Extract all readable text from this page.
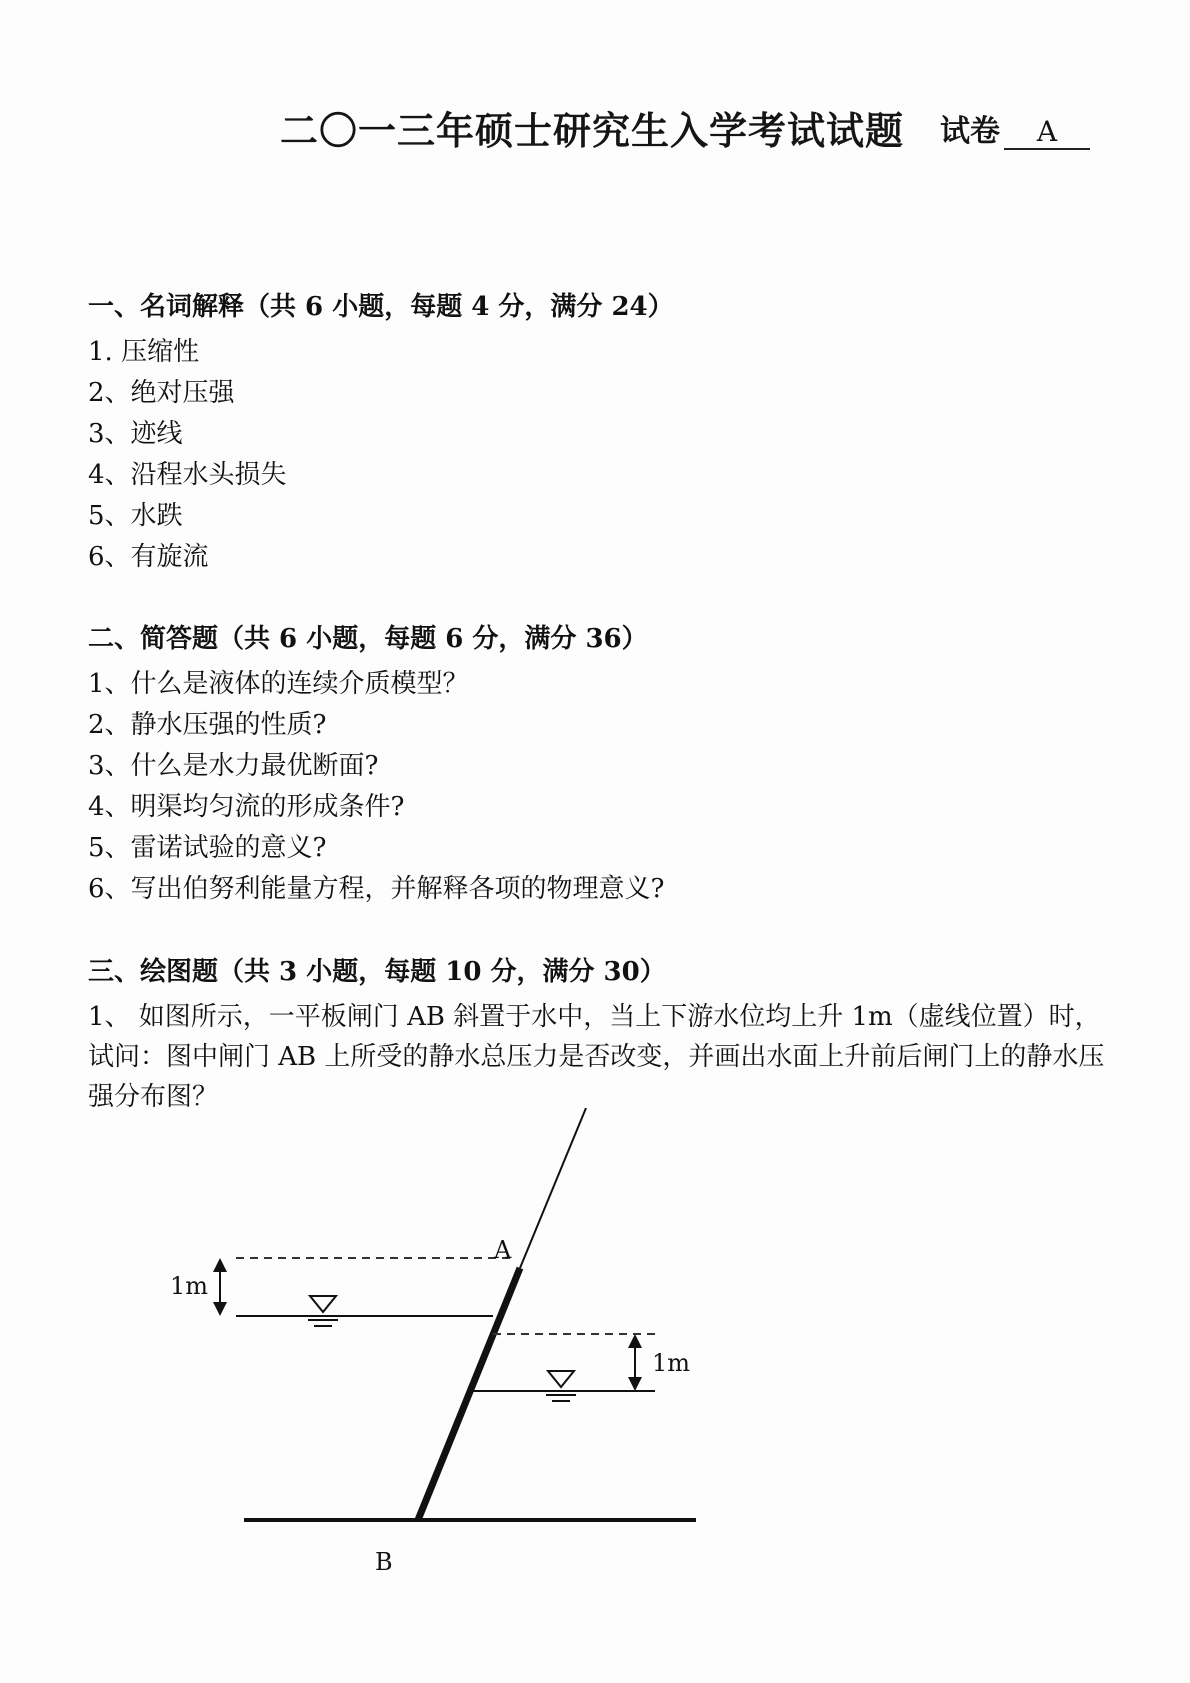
二〇一三年硕士研究生入学考试试题 试卷 A

一、名词解释（共 6 小题，每题 4 分，满分 24）

1. 压缩性

2、绝对压强

3、迹线

4、沿程水头损失

5、水跌

6、有旋流

二、简答题（共 6 小题，每题 6 分，满分 36）

1、什么是液体的连续介质模型？

2、静水压强的性质?

3、什么是水力最优断面?

4、明渠均匀流的形成条件?

5、雷诺试验的意义?

6、写出伯努利能量方程，并解释各项的物理意义?

三、绘图题（共 3 小题，每题 10 分，满分 30）

1、 如图所示，一平板闸门 AB 斜置于水中，当上下游水位均上升 1m（虚线位置）时，试问：图中闸门 AB 上所受的静水总压力是否改变，并画出水面上升前后闸门上的静水压强分布图？

A
B
1m
1m
